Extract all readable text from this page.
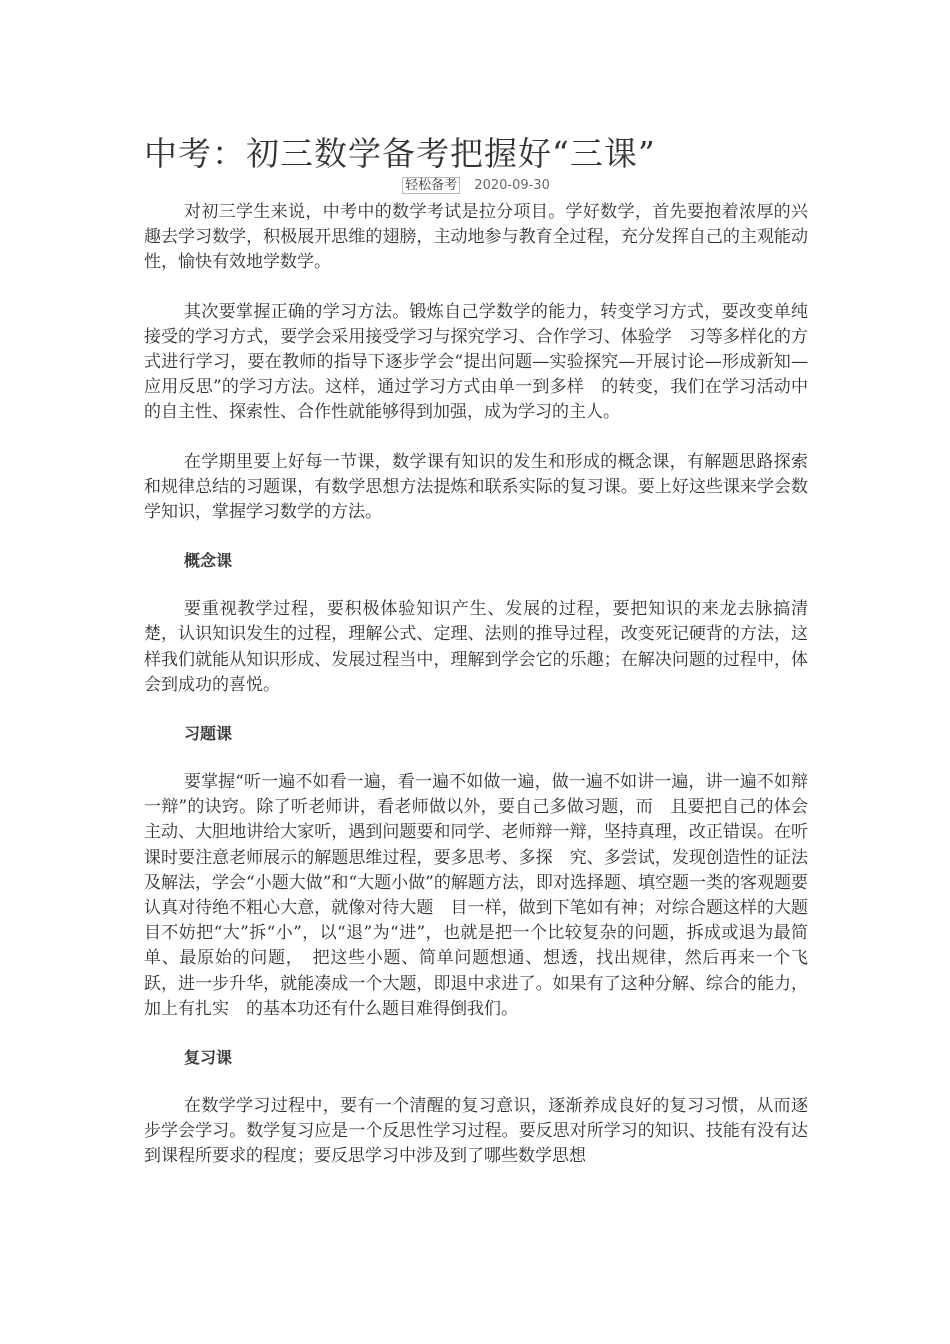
中考：初三数学备考把握好“三课”
轻松备考 2020-09-30

对初三学生来说，中考中的数学考试是拉分项目。学好数学，首先要抱着浓厚的兴趣去学习数学，积极展开思维的翅膀，主动地参与教育全过程，充分发挥自己的主观能动性，愉快有效地学数学。

其次要掌握正确的学习方法。锻炼自己学数学的能力，转变学习方式，要改变单纯接受的学习方式，要学会采用接受学习与探究学习、合作学习、体验学　习等多样化的方式进行学习，要在教师的指导下逐步学会“提出问题—实验探究—开展讨论—形成新知—应用反思”的学习方法。这样，通过学习方式由单一到多样　的转变，我们在学习活动中的自主性、探索性、合作性就能够得到加强，成为学习的主人。

在学期里要上好每一节课，数学课有知识的发生和形成的概念课，有解题思路探索和规律总结的习题课，有数学思想方法提炼和联系实际的复习课。要上好这些课来学会数学知识，掌握学习数学的方法。

概念课

要重视教学过程，要积极体验知识产生、发展的过程，要把知识的来龙去脉搞清楚，认识知识发生的过程，理解公式、定理、法则的推导过程，改变死记硬背的方法，这样我们就能从知识形成、发展过程当中，理解到学会它的乐趣；在解决问题的过程中，体会到成功的喜悦。

习题课

要掌握“听一遍不如看一遍，看一遍不如做一遍，做一遍不如讲一遍，讲一遍不如辩一辩”的诀窍。除了听老师讲，看老师做以外，要自己多做习题，而　且要把自己的体会主动、大胆地讲给大家听，遇到问题要和同学、老师辩一辩，坚持真理，改正错误。在听课时要注意老师展示的解题思维过程，要多思考、多探　究、多尝试，发现创造性的证法及解法，学会“小题大做”和“大题小做”的解题方法，即对选择题、填空题一类的客观题要认真对待绝不粗心大意，就像对待大题　目一样，做到下笔如有神；对综合题这样的大题目不妨把“大”拆“小”，以“退”为“进”，也就是把一个比较复杂的问题，拆成或退为最简单、最原始的问题，　把这些小题、简单问题想通、想透，找出规律，然后再来一个飞跃，进一步升华，就能凑成一个大题，即退中求进了。如果有了这种分解、综合的能力，加上有扎实　的基本功还有什么题目难得倒我们。

复习课

在数学学习过程中，要有一个清醒的复习意识，逐渐养成良好的复习习惯，从而逐步学会学习。数学复习应是一个反思性学习过程。要反思对所学习的知识、技能有没有达到课程所要求的程度；要反思学习中涉及到了哪些数学思想
